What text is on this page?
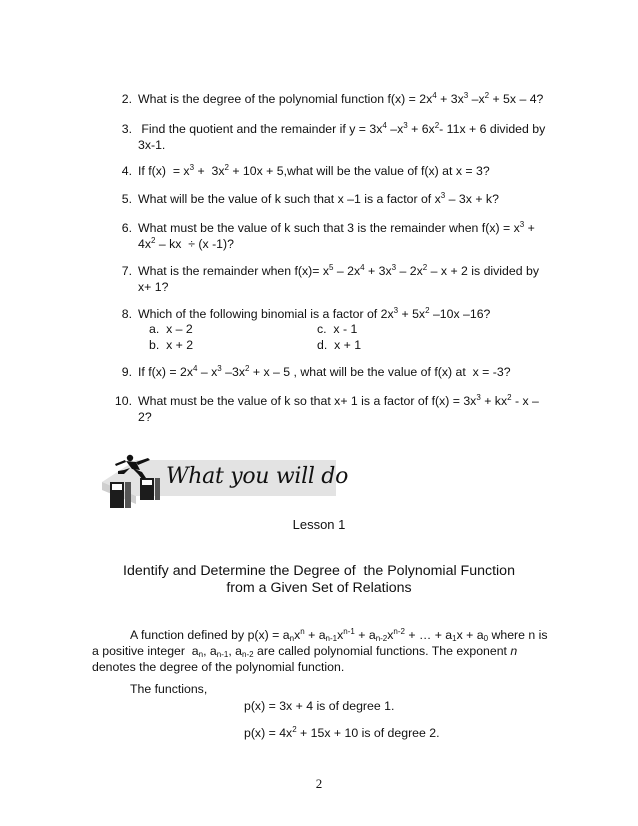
2. What is the degree of the polynomial function $f(x) = 2x^4 + 3x^3$ $-x^2 + 5x - 4$?
3. Find the quotient and the remainder if $y = 3x^4$ $-x^3 + 6x^2-$ 11x + 6 divided by 3x-1.
4. If $f(x) = x^3 + 3x^2 + 10x$ + 5,what will be the value of f(x) at x = 3?
5. What will be the value of k such that x –1 is a factor of $x^3 - 3x + k$?
6. What must be the value of k such that 3 is the remainder when $f(x) = x^3 + 4x^2$ – kx  ÷ (x -1)?
7. What is the remainder when $f(x)= x^5 - 2x^4 + 3x^3 - 2x^2 - x + 2$ is divided by x+ 1?
8. Which of the following binomial is a factor of $2x^3 + 5x^2$ –10x –16?
a.  x – 2
b.  x + 2
c.  x - 1
d.  x + 1
9. If $f(x) = 2x^4 - x^3$ $-3x^2 + x - 5$ , what will be the value of f(x) at  x = -3?
10. What must be the value of k so that x+ 1 is a factor of $f(x) = 3x^3 + kx^2 - x - 2$?
What you will do
Lesson 1
Identify and Determine the Degree of  the Polynomial Function
from a Given Set of Relations
A function defined by $p(x) = a_nx^n + a_{n-1}x^{n-1} + a_{n-2}x^{n-2}$ + … + $a_1x + a_0$ where n is a positive integer  $a_n$, $a_{n-1}$, $a_{n-2}$ are called polynomial functions. The exponent n denotes the degree of the polynomial function.
The functions,
p(x) = 3x + 4 is of degree 1.
$p(x) = 4x^2 + 15x + 10$ is of degree 2.
2
